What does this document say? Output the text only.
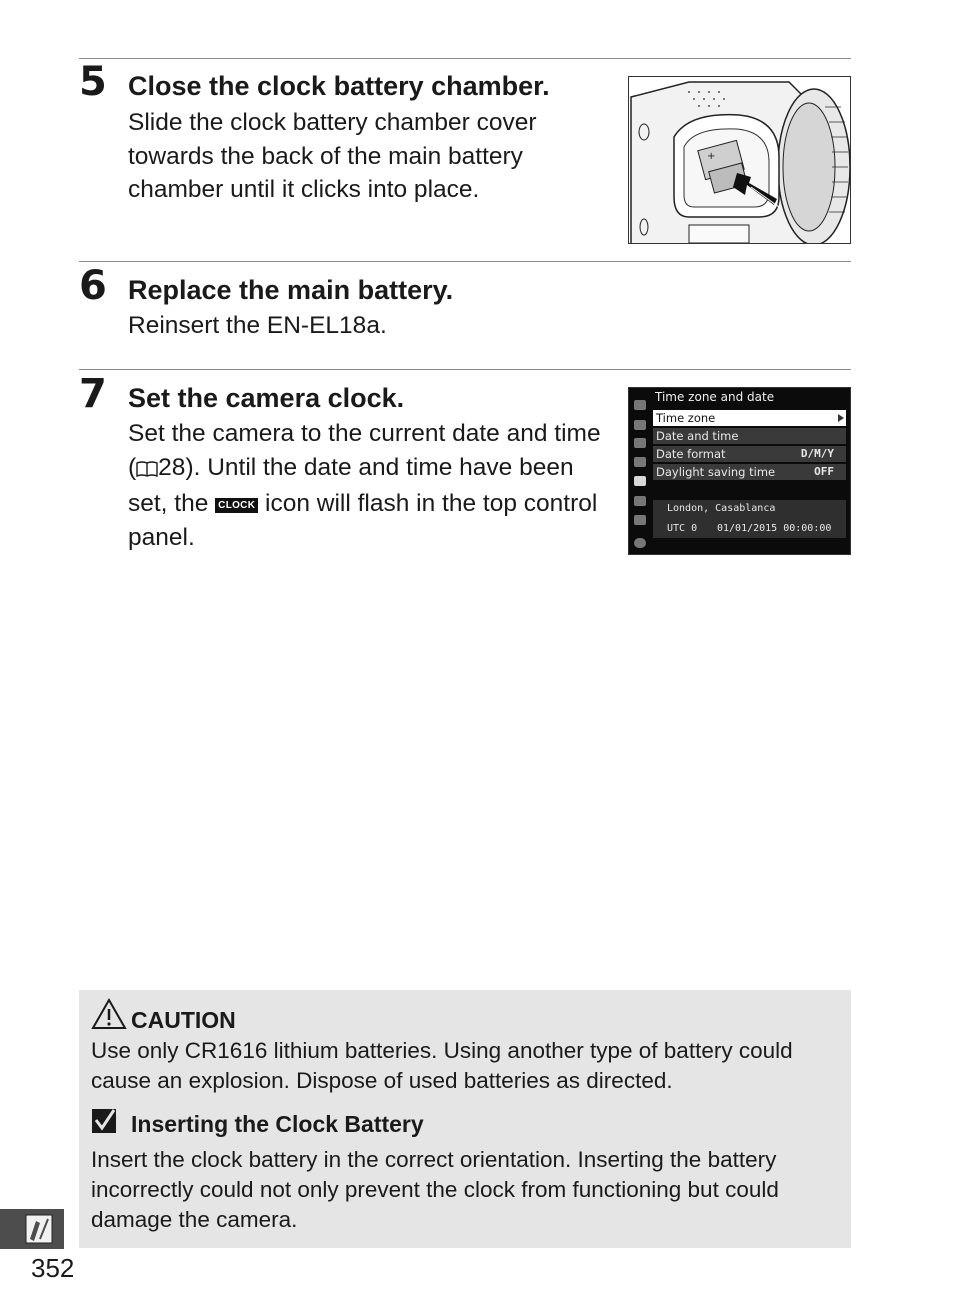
5 Close the clock battery chamber.
Slide the clock battery chamber cover towards the back of the main battery chamber until it clicks into place.
+
6 Replace the main battery.
Reinsert the EN-EL18a.
7 Set the camera clock.
Set the camera to the current date and time ( 28). Until the date and time have been set, the CLOCK icon will flash in the top control panel.
Time zone and date
Time zone
Date and time
Date format	D/M/Y
Daylight saving time	OFF
London, Casablanca
UTC 0 01/01/2015 00:00:00
CAUTION
Use only CR1616 lithium batteries. Using another type of battery could cause an explosion. Dispose of used batteries as directed.
Inserting the Clock Battery
Insert the clock battery in the correct orientation. Inserting the battery incorrectly could not only prevent the clock from functioning but could damage the camera.
352
